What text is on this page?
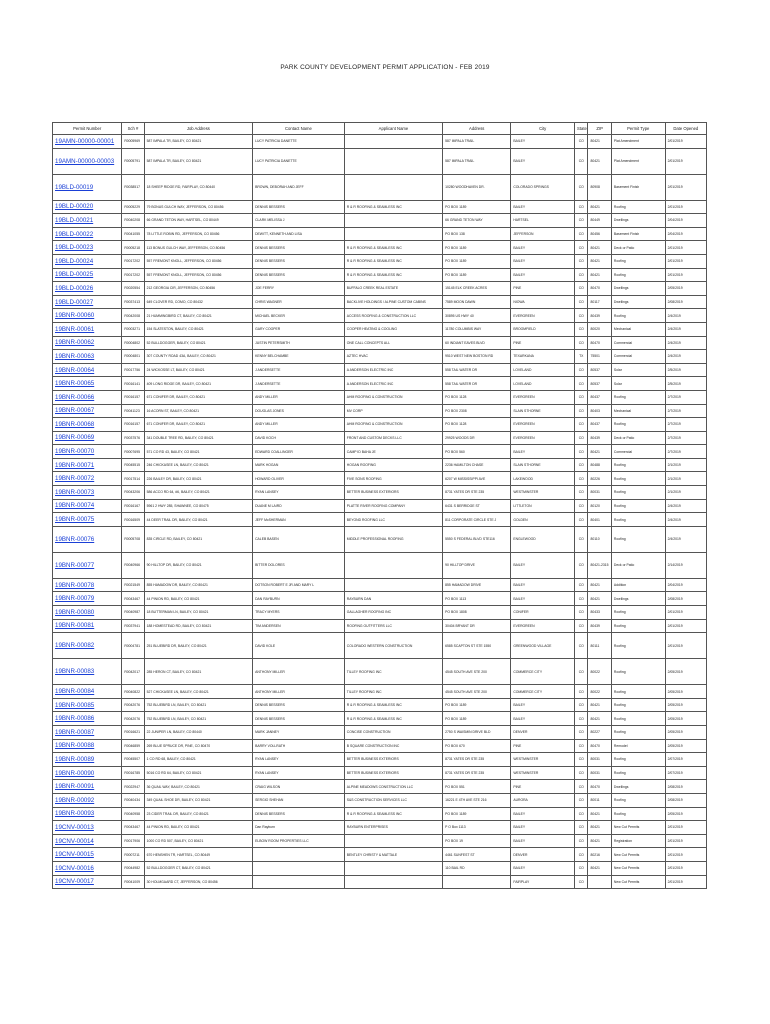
PARK COUNTY DEVELOPMENT PERMIT APPLICATION - FEB 2019
Permit Number	Sch #	Job Address	Contact Name	Applicant Name	Address	City	State	ZIP	Permit Type	Date Opened
19AMN-00000-00001	R0005969	587 IMPALA TR, BAILEY, CO 80421	LUCY PATRICIA DANETTE		587 IMPALA TRAIL	BAILEY	CO	80421	Plat Amendment	2/01/2019
19AMN-00000-00003	R0005791	587 IMPALA TR, BAILEY, CO 80421	LUCY PATRICIA DANETTE		587 IMPALA TRAIL	BAILEY	CO	80421	Plat Amendment	2/01/2019
19BLD-00019	R0038517	18 SHEEP RIDGE RD, FAIRPLAY, CO 80440	BROWN, DEBORAH AND JEFF		10280 WOODHAVEN DR.	COLORADO SPRINGS	CO	80908	Basement Finish	2/01/2019
19BLD-00020	R0005229	79 BONUS GULCH WAY, JEFFERSON, CO 80456	DENNIS BESSERS	R & R ROOFING & SEAMLESS INC	PO BOX 1189	BAILEY	CO	80421	Roofing	2/01/2019
19BLD-00021	R0040208	66 GRAND TETON WAY, HARTSEL, CO 80449	CLARK MELISSA J		66 GRAND TETON WAY	HARTSEL	CO	80449	Dwellings	2/04/2019
19BLD-00022	R0041055	78 LITTLE ROBIN RD, JEFFERSON, CO 80456	DEWITT, KENNETH AND LISA		PO BOX 138	JEFFERSON	CO	80456	Basement Finish	2/04/2019
19BLD-00023	R0005218	113 BONUS GULCH WAY, JEFFERSON, CO 80456	DENNIS BESSERS	R & R ROOFING & SEAMLESS INC	PO BOX 1189	BAILEY	CO	80421	Deck or Patio	2/01/2019
19BLD-00024	R0017202	557 FREMONT KNOLL, JEFFERSON, CO 80456	DENNIS BESSERS	R & R ROOFING & SEAMLESS INC	PO BOX 1189	BAILEY	CO	80421	Roofing	2/01/2019
19BLD-00025	R0017202	557 FREMONT KNOLL, JEFFERSON, CO 80456	DENNIS BESSERS	R & R ROOFING & SEAMLESS INC	PO BOX 1189	BAILEY	CO	80421	Roofing	2/01/2019
19BLD-00026	R0020554	212 GEORGIA CIR, JEFFERSON, CO 80456	JOE FERRY	BUFFALO CREEK REAL ESTATE	15145 ELK CREEK ACRES	PINE	CO	80470	Dwellings	2/05/2019
19BLD-00027	R0037413	649 CLOVER RD, COMO, CO 80432	CHRIS WAGNER	BACKLIVE HOLDINGS / ALPINE CUSTOM CABINS	7589 MOON DAWN	NIOWA	CO	80117	Dwellings	2/08/2019
19BNR-00060	R0042008	21 HUMMINGBIRD CT, BAILEY, CO 80421	MICHAEL BECKER	ACCESS ROOFING & CONSTRUCTION LLC	30895 US HWY 40	EVERGREEN	CO	80439	Roofing	2/4/2019
19BNR-00061	R0003271	154 SLATESTON, BAILEY, CO 80421	GARY COOPER	COOPER HEATING & COOLING	11780 COLUMBIS WAY	BROOMFIELD	CO	80020	Mechanical	2/4/2019
19BNR-00062	R0004802	52 BULLDOGGER, BAILEY, CO 80421	JUSTIN PETERSMITH	ONE CALL CONCEPTS ALL	60 INDIANT EAVES BLVD	PINE	CO	80470	Commercial	2/4/2019
19BNR-00063	R0004801	307 COUNTY ROAD 43A, BAILEY, CO 80421	KENNY BELCHAMBE	AZTEC HVAC	9510 WEST NEW BOSTON RD	TEXARKANA	TX	75501	Commercial	2/4/2019
19BNR-00064	R0017756	24 WICKOSSE LT, BAILEY, CO 80421	J ANDERSETTE	A ANDERSON ELECTRIC INC	558 TAIL WATER DR	LOVELAND	CO	80537	Solar	2/5/2019
19BNR-00065	R0016141	409 LONG RIDGE DR, BAILEY, CO 80421	J ANDERSETTE	A ANDERSON ELECTRIC INC	558 TAIL WATER DR	LOVELAND	CO	80537	Solar	2/5/2019
19BNR-00066	R0016157	671 CONIFER DR, BAILEY, CO 80421	ANDY MILLER	AHM ROOFING & CONSTRUCTION	PO BOX 1128	EVERGREEN	CO	80437	Roofing	2/7/2019
19BNR-00067	R0041123	16 ACORN ST, BAILEY, CO 80421	DOUGLAS JONES	MV CORP	PO BOX 2308	SLAIN STHORNE	CO	80403	Mechanical	2/7/2019
19BNR-00068	R0016157	671 CONIFER DR, BAILEY, CO 80421	ANDY MILLER	AHM ROOFING & CONSTRUCTION	PO BOX 1128	EVERGREEN	CO	80437	Roofing	2/7/2019
19BNR-00069	R0037576	341 DOUBLE TREE RD, BAILEY, CO 80421	DAVID KOCH	FRONT AND CUSTOM DECKS LLC	29925 WOODS DR	EVERGREEN	CO	80439	Deck or Patio	2/7/2019
19BNR-00070	R0007695	571 CO RD 43, BAILEY, CO 80421	EDWARD COALLINGER	CAMP ID BAHA JE	PO BOX 560	BAILEY	CO	80421	Commercial	2/7/2019
19BNR-00071	R0045515	246 CHICKASEE LN, BAILEY, CO 80421	MARK HOGAN	HOGAN ROOFING	2236 HAMILTON CHASE	SLAIN STHORNE	CO	80488	Roofing	2/1/2019
19BNR-00072	R0017514	226 BAILEY DR, BAILEY, CO 80421	HOWARD OLIVER	FIVE SONS ROOFING	6207 W MISSISSIPPI AVE	LAKEWOOD	CO	80226	Roofing	2/1/2019
19BNR-00073	R0043206	586 ACCO RD 64, #6, BAILEY, CO 80421	RYAN LANSEY	BETTER BUSINESS EXTERIORS	8731 YATES DR STE 235	WESTMINSTER	CO	80031	Roofing	2/1/2019
19BNR-00074	R0016167	5961 2 HWY 285, SHAWNEE, CO 80475	DUANE M LAIRD	PLATTE RIVER ROOFING COMPANY	6431 S BERRIDGE ST	LITTLETON	CO	80120	Roofing	2/4/2019
19BNR-00075	R0016509	44 DEER TRAIL DR, BAILEY, CO 80421	JEFF McSHERMAN	BEYOND ROOFING LLC	811 CORPORATE CIRCLE STE J	GOLDEN	CO	80401	Roofing	2/4/2019
19BNR-00076	R0005708	835 CIRCLE RD, BAILEY, CO 80421	CALEB BASEN	MIDDLE PROFESSIONAL ROOFING	5550 S FEDERAL BLVD STE116	ENGLEWOOD	CO	80110	Roofing	2/4/2019
19BNR-00077	R0040966	90 HILLTOP DR, BAILEY, CO 80421	BITTER DOLORES		90 HILLTOP DRIVE	BAILEY	CO	80421-2315	Deck or Patio	2/14/2019
19BNR-00078	R0021549	855 HAMADOW DR, BAILEY, CO 80421	DOTSON ROBERT E JR AND MARY L		855 HAMADOW DRIVE	BAILEY	CO	80421	Addition	2/04/2019
19BNR-00079	R0043467	44 PINION RD, BAILEY, CO 80421	DAN RAYBURN	RAYBURN DAN	PO BOX 1113	BAILEY	CO	80421	Dwellings	2/08/2019
19BNR-00080	R0040987	18 BUTTERMAN LN, BAILEY, CO 80421	TRACY MYERS	GALLAGHER ROOFING INC	PO BOX 1808	CONIFER	CO	80433	Roofing	2/01/2019
19BNR-00081	R0037941	188 HOMESTEAD RD, BAILEY, CO 80421	TIM ANDERSEN	ROOFING OUTFITTERS LLC	30404 BRYANT DR	EVERGREEN	CO	80439	Roofing	2/01/2019
19BNR-00082	R0004781	251 BLUEBIRD DR, BAILEY, CO 80421	DAVID KOLE	COLORADO WESTERN CONSTRUCTION	6585 SCAPTON ST STE 1550	GREENWOOD VILLAGE	CO	80111	Roofing	2/01/2019
19BNR-00083	R0042017	285 HERON CT, BAILEY, CO 80421	ANTHONY MILLER	TILLEY ROOFING INC	4545 SOUTH AVE STE 200	COMMERCE CITY	CO	80022	Roofing	2/05/2019
19BNR-00084	R0040822	527 CHICKASEE LN, BAILEY, CO 80421	ANTHONY MILLER	TILLEY ROOFING INC	4545 SOUTH AVE STE 200	COMMERCE CITY	CO	80022	Roofing	2/05/2019
19BNR-00085	R0042076	752 BLUEBIRD LN, BAILEY, CO 80421	DENNIS BESSERS	R & R ROOFING & SEAMLESS INC	PO BOX 1189	BAILEY	CO	80421	Roofing	2/05/2019
19BNR-00086	R0042076	752 BLUEBIRD LN, BAILEY, CO 80421	DENNIS BESSERS	R & R ROOFING & SEAMLESS INC	PO BOX 1189	BAILEY	CO	80421	Roofing	2/05/2019
19BNR-00087	R0016621	22 JUNIPER LN, BAILEY, CO 80440	MARK JANNEY	CONCISE CONSTRUCTION	2750 S WAISMIN DRIVE BLD	DENVER	CO	80227	Roofing	2/05/2019
19BNR-00088	R0046859	269 BLUE SPRUCE DR, PINE, CO 80470	BARRY VOLLRATH	B SQUARE CONSTRUCTION INC	PO BOX 670	PINE	CO	80470	Remodel	2/05/2019
19BNR-00089	R0045507	1 CO RD 68, BAILEY, CO 80421	RYAN LANSEY	BETTER BUSINESS EXTERIORS	8731 YATES DR STE 235	WESTMINSTER	CO	80031	Roofing	2/07/2019
19BNR-00090	R0016785	5016 CO RD 64, BAILEY, CO 80421	RYAN LANSEY	BETTER BUSINESS EXTERIORS	8731 YATES DR STE 235	WESTMINSTER	CO	80031	Roofing	2/07/2019
19BNR-00091	R0022947	36 QUAIL WAY, BAILEY, CO 80421	CRAIG WILSON	ALPINE MEADOWS CONSTRUCTION LLC	PO BOX 551	PINE	CO	80470	Dwellings	2/08/2019
19BNR-00092	R0040434	349 QUAIL SHOE DR, BAILEY, CO 80421	SERGIO SHEHAN	S&S CONSTRUCTION SERVICES LLC	16221 E 4TH AVE STE 216	AURORA	CO	80011	Roofing	2/08/2019
19BNR-00093	R0040958	23 CIDER TRAIL DR, BAILEY, CO 80421	DENNIS BESSERS	R & R ROOFING & SEAMLESS INC	PO BOX 1189	BAILEY	CO	80421	Roofing	2/05/2019
19CNV-00013	R0043467	44 PINION RD, BAILEY, CO 80421	Dan Rayburn	RAYBURN ENTERPRISES	P O Box 1113	BAILEY	CO	80421	New Cut Permits	2/01/2019
19CNV-00014	R0017906	1000 CO RD 507, BAILEY, CO 80421	ELBOW ROOM PROPERTIES LLC		PO BOX 19	BAILEY	CO	80421	Registration	2/01/2019
19CNV-00015	R0007211	670 HENSHEN TR, HARTSEL, CO 80449		BENTLEY CHRISTY & MATTALE	4461 SUNFEST ST	DENVER	CO	80216	New Cut Permits	2/01/2019
19CNV-00016	R0044982	52 BULLDOGGER CT, BAILEY, CO 80421			110 BAIL RD	BAILEY	CO	80421	New Cut Permits	2/01/2019
19CNV-00017	R0041009	30 HOLMGAARD CT, JEFFERSON, CO 80456				FAIRPLAY	CO		New Cut Permits	2/01/2019
